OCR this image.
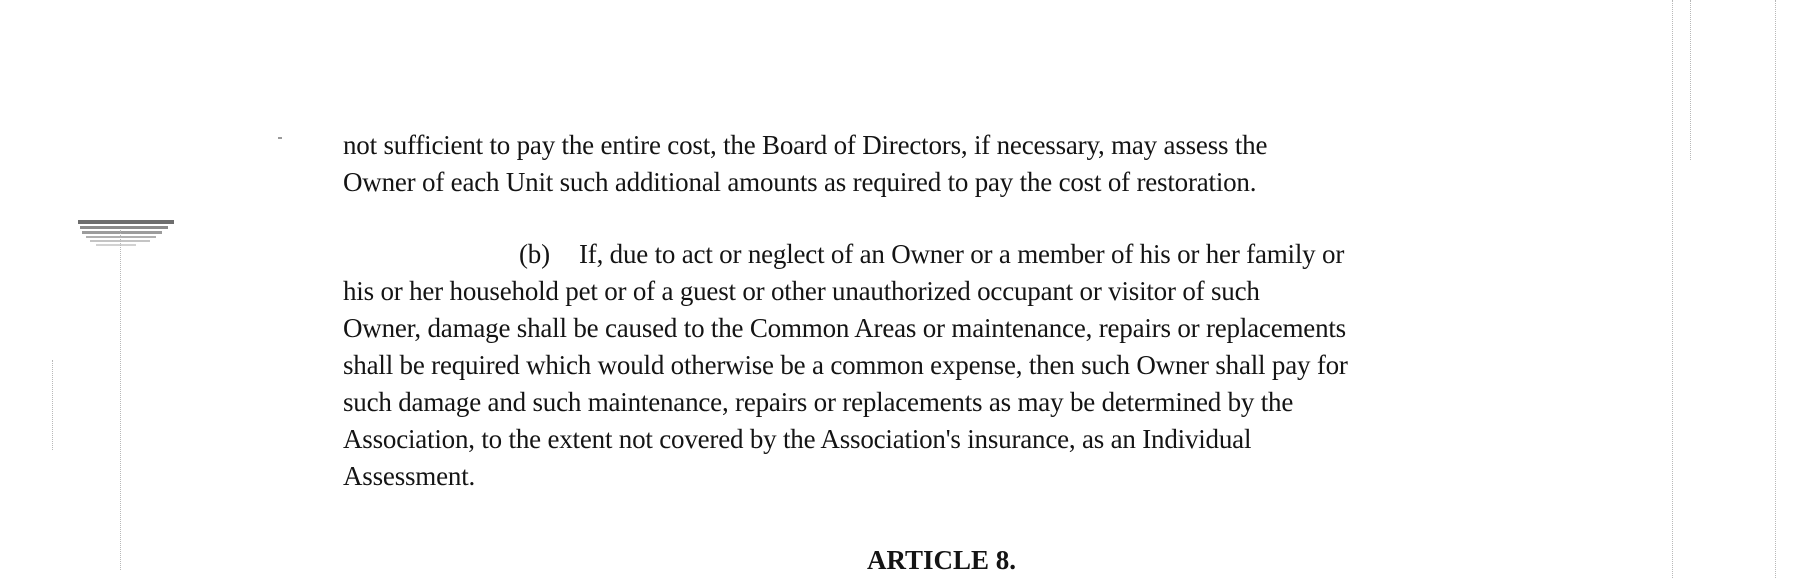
not sufficient to pay the entire cost, the Board of Directors, if necessary, may assess the
Owner of each Unit such additional amounts as required to pay the cost of restoration.

(b) If, due to act or neglect of an Owner or a member of his or her family or
his or her household pet or of a guest or other unauthorized occupant or visitor of such
Owner, damage shall be caused to the Common Areas or maintenance, repairs or replacements
shall be required which would otherwise be a common expense, then such Owner shall pay for
such damage and such maintenance, repairs or replacements as may be determined by the
Association, to the extent not covered by the Association's insurance, as an Individual
Assessment.

ARTICLE 8.
